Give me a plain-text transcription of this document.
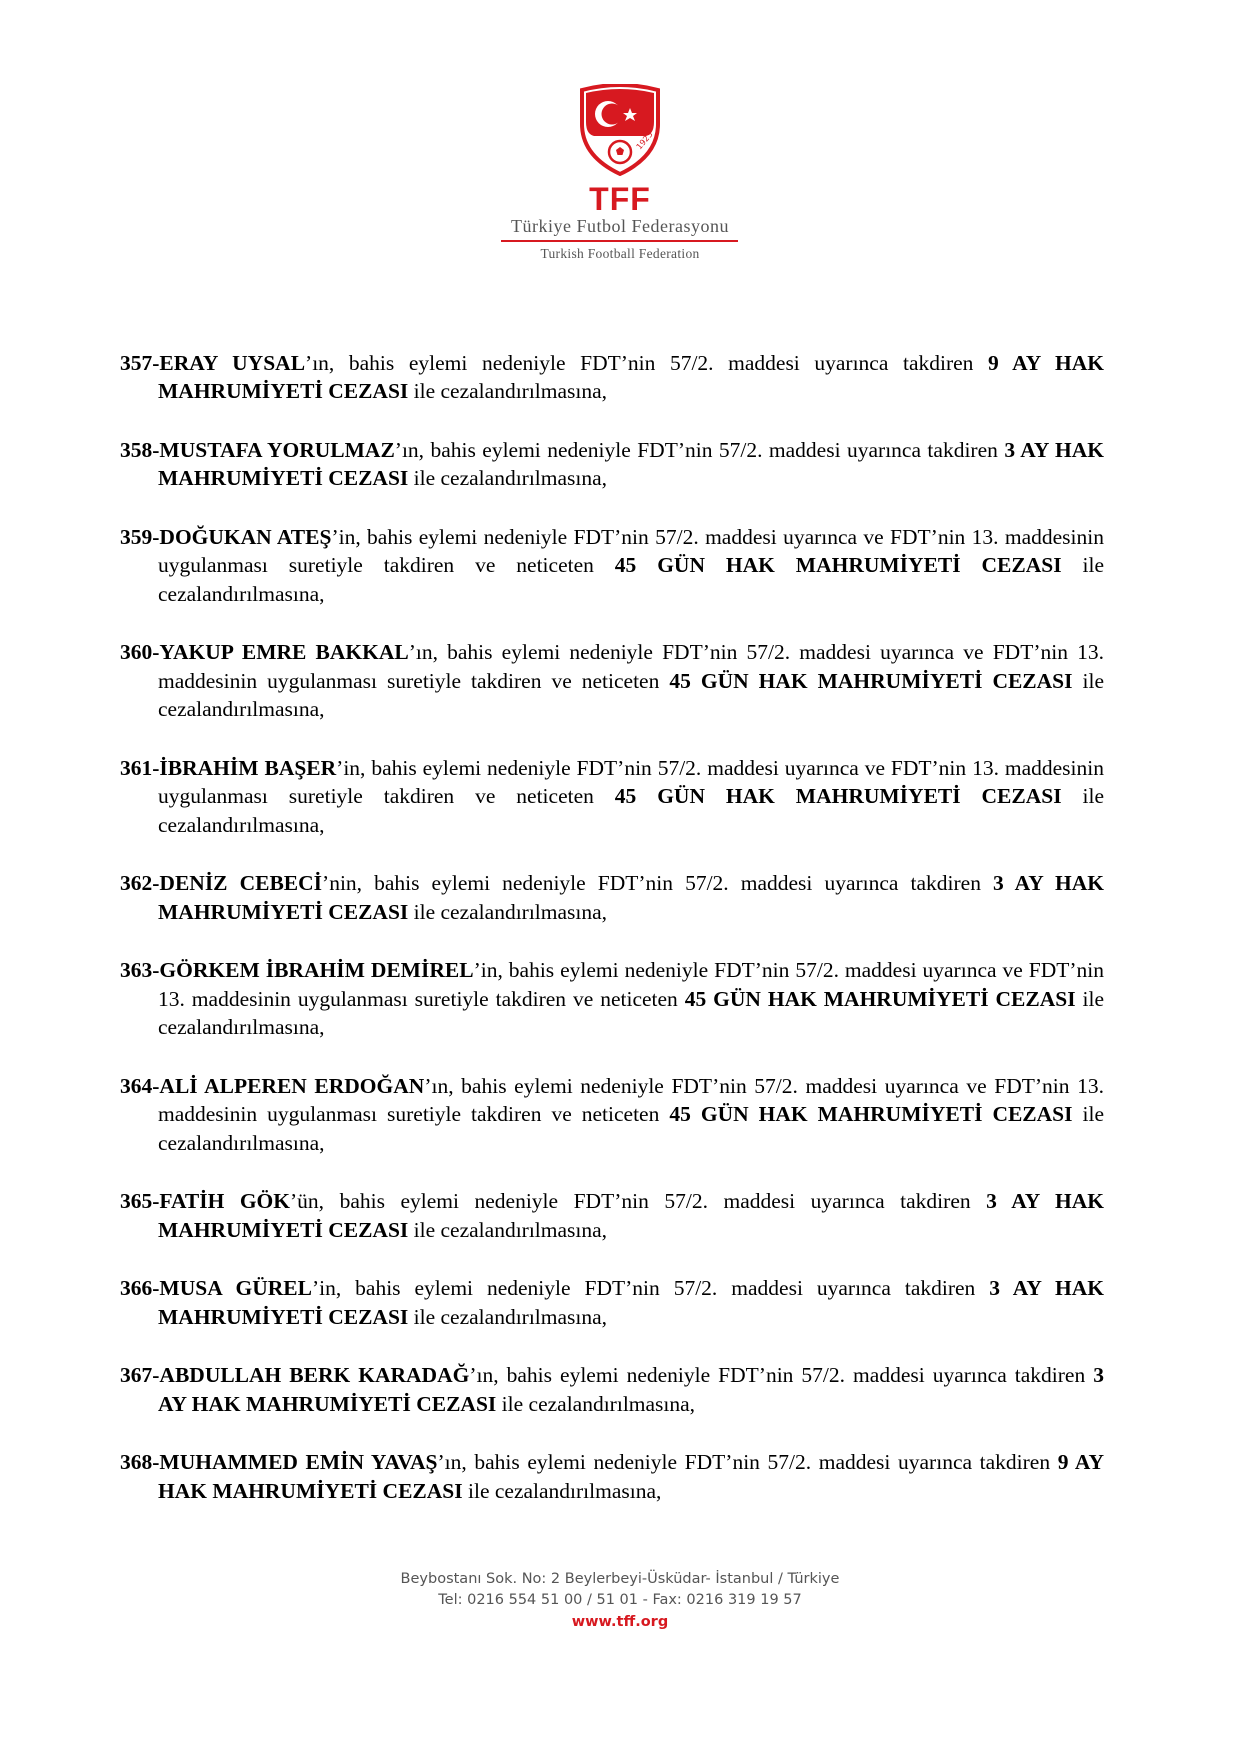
1923
TFF
Türkiye Futbol Federasyonu
Turkish Football Federation

357-ERAY UYSAL’ın, bahis eylemi nedeniyle FDT’nin 57/2. maddesi uyarınca takdiren 9 AY HAK MAHRUMİYETİ CEZASI ile cezalandırılmasına,

358-MUSTAFA YORULMAZ’ın, bahis eylemi nedeniyle FDT’nin 57/2. maddesi uyarınca takdiren 3 AY HAK MAHRUMİYETİ CEZASI ile cezalandırılmasına,

359-DOĞUKAN ATEŞ’in, bahis eylemi nedeniyle FDT’nin 57/2. maddesi uyarınca ve FDT’nin 13. maddesinin uygulanması suretiyle takdiren ve neticeten 45 GÜN HAK MAHRUMİYETİ CEZASI ile cezalandırılmasına,

360-YAKUP EMRE BAKKAL’ın, bahis eylemi nedeniyle FDT’nin 57/2. maddesi uyarınca ve FDT’nin 13. maddesinin uygulanması suretiyle takdiren ve neticeten 45 GÜN HAK MAHRUMİYETİ CEZASI ile cezalandırılmasına,

361-İBRAHİM BAŞER’in, bahis eylemi nedeniyle FDT’nin 57/2. maddesi uyarınca ve FDT’nin 13. maddesinin uygulanması suretiyle takdiren ve neticeten 45 GÜN HAK MAHRUMİYETİ CEZASI ile cezalandırılmasına,

362-DENİZ CEBECİ’nin, bahis eylemi nedeniyle FDT’nin 57/2. maddesi uyarınca takdiren 3 AY HAK MAHRUMİYETİ CEZASI ile cezalandırılmasına,

363-GÖRKEM İBRAHİM DEMİREL’in, bahis eylemi nedeniyle FDT’nin 57/2. maddesi uyarınca ve FDT’nin 13. maddesinin uygulanması suretiyle takdiren ve neticeten 45 GÜN HAK MAHRUMİYETİ CEZASI ile cezalandırılmasına,

364-ALİ ALPEREN ERDOĞAN’ın, bahis eylemi nedeniyle FDT’nin 57/2. maddesi uyarınca ve FDT’nin 13. maddesinin uygulanması suretiyle takdiren ve neticeten 45 GÜN HAK MAHRUMİYETİ CEZASI ile cezalandırılmasına,

365-FATİH GÖK’ün, bahis eylemi nedeniyle FDT’nin 57/2. maddesi uyarınca takdiren 3 AY HAK MAHRUMİYETİ CEZASI ile cezalandırılmasına,

366-MUSA GÜREL’in, bahis eylemi nedeniyle FDT’nin 57/2. maddesi uyarınca takdiren 3 AY HAK MAHRUMİYETİ CEZASI ile cezalandırılmasına,

367-ABDULLAH BERK KARADAĞ’ın, bahis eylemi nedeniyle FDT’nin 57/2. maddesi uyarınca takdiren 3 AY HAK MAHRUMİYETİ CEZASI ile cezalandırılmasına,

368-MUHAMMED EMİN YAVAŞ’ın, bahis eylemi nedeniyle FDT’nin 57/2. maddesi uyarınca takdiren 9 AY HAK MAHRUMİYETİ CEZASI ile cezalandırılmasına,

Beybostanı Sok. No: 2 Beylerbeyi-Üsküdar- İstanbul / Türkiye
Tel: 0216 554 51 00 / 51 01 - Fax: 0216 319 19 57
www.tff.org
